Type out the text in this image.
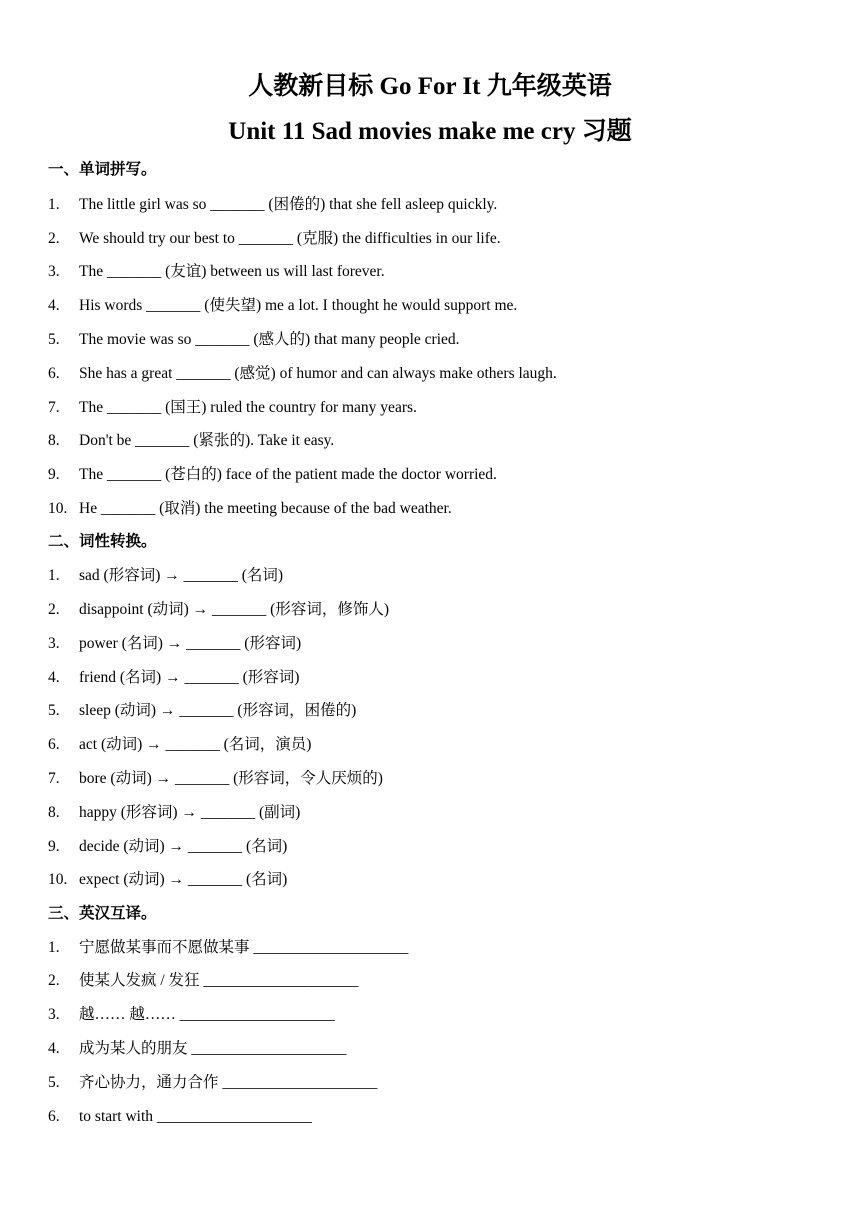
人教新目标 Go For It 九年级英语
Unit 11 Sad movies make me cry 习题
一、单词拼写。
1. The little girl was so _______ (困倦的) that she fell asleep quickly.
2. We should try our best to _______ (克服) the difficulties in our life.
3. The _______ (友谊) between us will last forever.
4. His words _______ (使失望) me a lot. I thought he would support me.
5. The movie was so _______ (感人的) that many people cried.
6. She has a great _______ (感觉) of humor and can always make others laugh.
7. The _______ (国王) ruled the country for many years.
8. Don't be _______ (紧张的). Take it easy.
9. The _______ (苍白的) face of the patient made the doctor worried.
10. He _______ (取消) the meeting because of the bad weather.
二、词性转换。
1. sad (形容词) → _______ (名词)
2. disappoint (动词) → _______ (形容词，修饰人)
3. power (名词) → _______ (形容词)
4. friend (名词) → _______ (形容词)
5. sleep (动词) → _______ (形容词，困倦的)
6. act (动词) → _______ (名词，演员)
7. bore (动词) → _______ (形容词，令人厌烦的)
8. happy (形容词) → _______ (副词)
9. decide (动词) → _______ (名词)
10. expect (动词) → _______ (名词)
三、英汉互译。
1. 宁愿做某事而不愿做某事 ____________________
2. 使某人发疯 / 发狂 ____________________
3. 越…… 越…… ____________________
4. 成为某人的朋友 ____________________
5. 齐心协力，通力合作 ____________________
6. to start with ____________________
